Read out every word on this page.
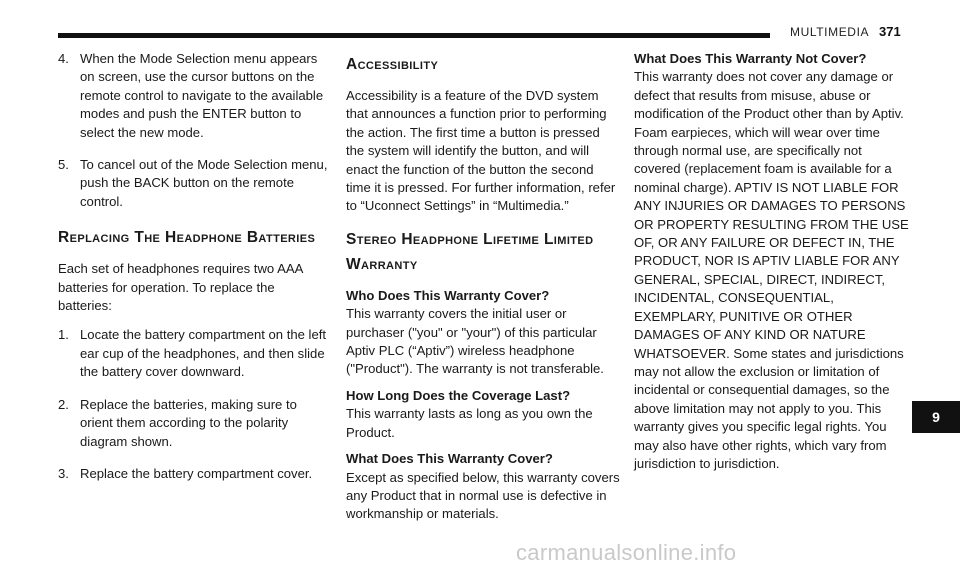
MULTIMEDIA 371
4. When the Mode Selection menu appears on screen, use the cursor buttons on the remote control to navigate to the available modes and push the ENTER button to select the new mode.
5. To cancel out of the Mode Selection menu, push the BACK button on the remote control.
Replacing The Headphone Batteries

Each set of headphones requires two AAA batteries for operation. To replace the batteries:

1. Locate the battery compartment on the left ear cup of the headphones, and then slide the battery cover downward.
2. Replace the batteries, making sure to orient them according to the polarity diagram shown.
3. Replace the battery compartment cover.
Accessibility

Accessibility is a feature of the DVD system that announces a function prior to performing the action. The first time a button is pressed the system will identify the button, and will enact the function of the button the second time it is pressed. For further information, refer to “Uconnect Settings” in “Multimedia.”

Stereo Headphone Lifetime Limited Warranty
Who Does This Warranty Cover?
This warranty covers the initial user or purchaser ("you" or "your") of this particular Aptiv PLC (“Aptiv”) wireless headphone ("Product"). The warranty is not transferable.
How Long Does the Coverage Last?
This warranty lasts as long as you own the Product.
What Does This Warranty Cover?
Except as specified below, this warranty covers any Product that in normal use is defective in workmanship or materials.
What Does This Warranty Not Cover?
This warranty does not cover any damage or defect that results from misuse, abuse or modification of the Product other than by Aptiv. Foam earpieces, which will wear over time through normal use, are specifically not covered (replacement foam is available for a nominal charge). APTIV IS NOT LIABLE FOR ANY INJURIES OR DAMAGES TO PERSONS OR PROPERTY RESULTING FROM THE USE OF, OR ANY FAILURE OR DEFECT IN, THE PRODUCT, NOR IS APTIV LIABLE FOR ANY GENERAL, SPECIAL, DIRECT, INDIRECT, INCIDENTAL, CONSEQUENTIAL, EXEMPLARY, PUNITIVE OR OTHER DAMAGES OF ANY KIND OR NATURE WHATSOEVER. Some states and jurisdictions may not allow the exclusion or limitation of incidental or consequential damages, so the above limitation may not apply to you. This warranty gives you specific legal rights. You may also have other rights, which vary from jurisdiction to jurisdiction.
9
carmanualsonline.info
